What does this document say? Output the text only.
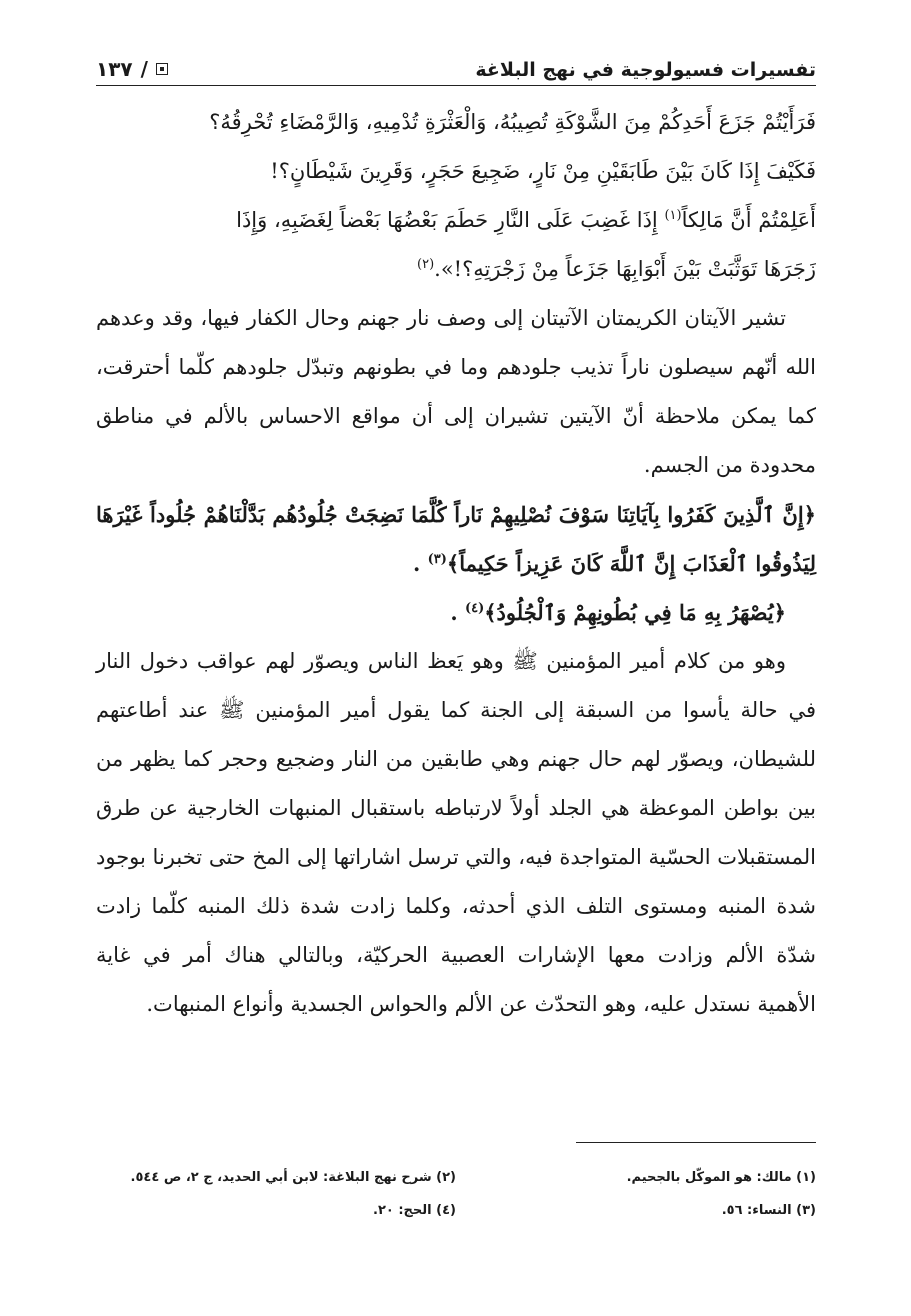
تفسيرات فسيولوجية في نهج البلاغة
١٣٧ /
فَرَأَيْتُمْ جَزَعَ أَحَدِكُمْ مِنَ الشَّوْكَةِ تُصِيبُهُ، وَالْعَثْرَةِ تُدْمِيهِ، وَالرَّمْضَاءِ تُحْرِقُهُ؟
فَكَيْفَ إِذَا كَانَ بَيْنَ طَابَقَيْنِ مِنْ نَارٍ، ضَجِيعَ حَجَرٍ، وَقَرِينَ شَيْطَانٍ؟!
أَعَلِمْتُمْ أَنَّ مَالِكاً$^{(١)}$ إِذَا غَضِبَ عَلَى النَّارِ حَطَمَ بَعْضُهَا بَعْضاً لِغَضَبِهِ، وَإِذَا
زَجَرَهَا تَوَثَّبَتْ بَيْنَ أَبْوَابِهَا جَزَعاً مِنْ زَجْرَتِهِ؟!».$^{(٢)}$

تشير الآيتان الكريمتان الآتيتان إلى وصف نار جهنم وحال الكفار فيها، وقد وعدهم الله أنّهم سيصلون ناراً تذيب جلودهم وما في بطونهم وتبدّل جلودهم كلّما أحترقت، كما يمكن ملاحظة أنّ الآيتين تشيران إلى أن مواقع الاحساس بالألم في مناطق محدودة من الجسم.

﴿إِنَّ ٱلَّذِينَ كَفَرُوا بِآيَاتِنَا سَوْفَ نُصْلِيهِمْ نَاراً كُلَّمَا نَضِجَتْ جُلُودُهُم بَدَّلْنَاهُمْ جُلُوداً غَيْرَهَا لِيَذُوقُوا ٱلْعَذَابَ إِنَّ ٱللَّهَ كَانَ عَزِيزاً حَكِيماً﴾$^{(٣)}$ .

﴿يُصْهَرُ بِهِ مَا فِي بُطُونِهِمْ وَٱلْجُلُودُ﴾$^{(٤)}$ .

وهو من كلام أمير المؤمنين ﷺ وهو يَعظ الناس ويصوّر لهم عواقب دخول النار في حالة يأسوا من السبقة إلى الجنة كما يقول أمير المؤمنين ﷺ عند أطاعتهم للشيطان، ويصوّر لهم حال جهنم وهي طابقين من النار وضجيع وحجر كما يظهر من بين بواطن الموعظة هي الجلد أولاً لارتباطه باستقبال المنبهات الخارجية عن طرق المستقبلات الحسّية المتواجدة فيه، والتي ترسل اشاراتها إلى المخ حتى تخبرنا بوجود شدة المنبه ومستوى التلف الذي أحدثه، وكلما زادت شدة ذلك المنبه كلّما زادت شدّة الألم وزادت معها الإشارات العصبية الحركيّة، وبالتالي هناك أمر في غاية الأهمية نستدل عليه، وهو التحدّث عن الألم والحواس الجسدية وأنواع المنبهات.

(١) مالك: هو الموكّل بالجحيم.
(٢) شرح نهج البلاغة: لابن أبي الحديد، ج ٢، ص ٥٤٤.
(٣) النساء: ٥٦.
(٤) الحج: ٢٠.
